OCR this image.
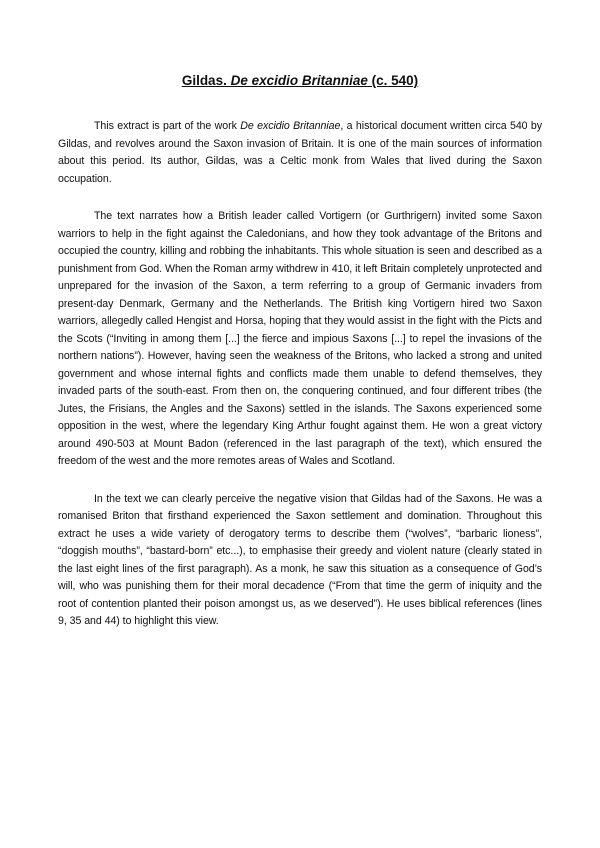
Gildas. De excidio Britanniae (c. 540)

This extract is part of the work De excidio Britanniae, a historical document written circa 540 by Gildas, and revolves around the Saxon invasion of Britain. It is one of the main sources of information about this period. Its author, Gildas, was a Celtic monk from Wales that lived during the Saxon occupation.

The text narrates how a British leader called Vortigern (or Gurthrigern) invited some Saxon warriors to help in the fight against the Caledonians, and how they took advantage of the Britons and occupied the country, killing and robbing the inhabitants. This whole situation is seen and described as a punishment from God. When the Roman army withdrew in 410, it left Britain completely unprotected and unprepared for the invasion of the Saxon, a term referring to a group of Germanic invaders from present-day Denmark, Germany and the Netherlands. The British king Vortigern hired two Saxon warriors, allegedly called Hengist and Horsa, hoping that they would assist in the fight with the Picts and the Scots (“Inviting in among them [...] the fierce and impious Saxons [...] to repel the invasions of the northern nations”). However, having seen the weakness of the Britons, who lacked a strong and united government and whose internal fights and conflicts made them unable to defend themselves, they invaded parts of the south-east. From then on, the conquering continued, and four different tribes (the Jutes, the Frisians, the Angles and the Saxons) settled in the islands. The Saxons experienced some opposition in the west, where the legendary King Arthur fought against them. He won a great victory around 490-503 at Mount Badon (referenced in the last paragraph of the text), which ensured the freedom of the west and the more remotes areas of Wales and Scotland.

In the text we can clearly perceive the negative vision that Gildas had of the Saxons. He was a romanised Briton that firsthand experienced the Saxon settlement and domination. Throughout this extract he uses a wide variety of derogatory terms to describe them (“wolves”, “barbaric lioness”, “doggish mouths”, “bastard-born” etc...), to emphasise their greedy and violent nature (clearly stated in the last eight lines of the first paragraph). As a monk, he saw this situation as a consequence of God’s will, who was punishing them for their moral decadence (“From that time the germ of iniquity and the root of contention planted their poison amongst us, as we deserved”). He uses biblical references (lines 9, 35 and 44) to highlight this view.
